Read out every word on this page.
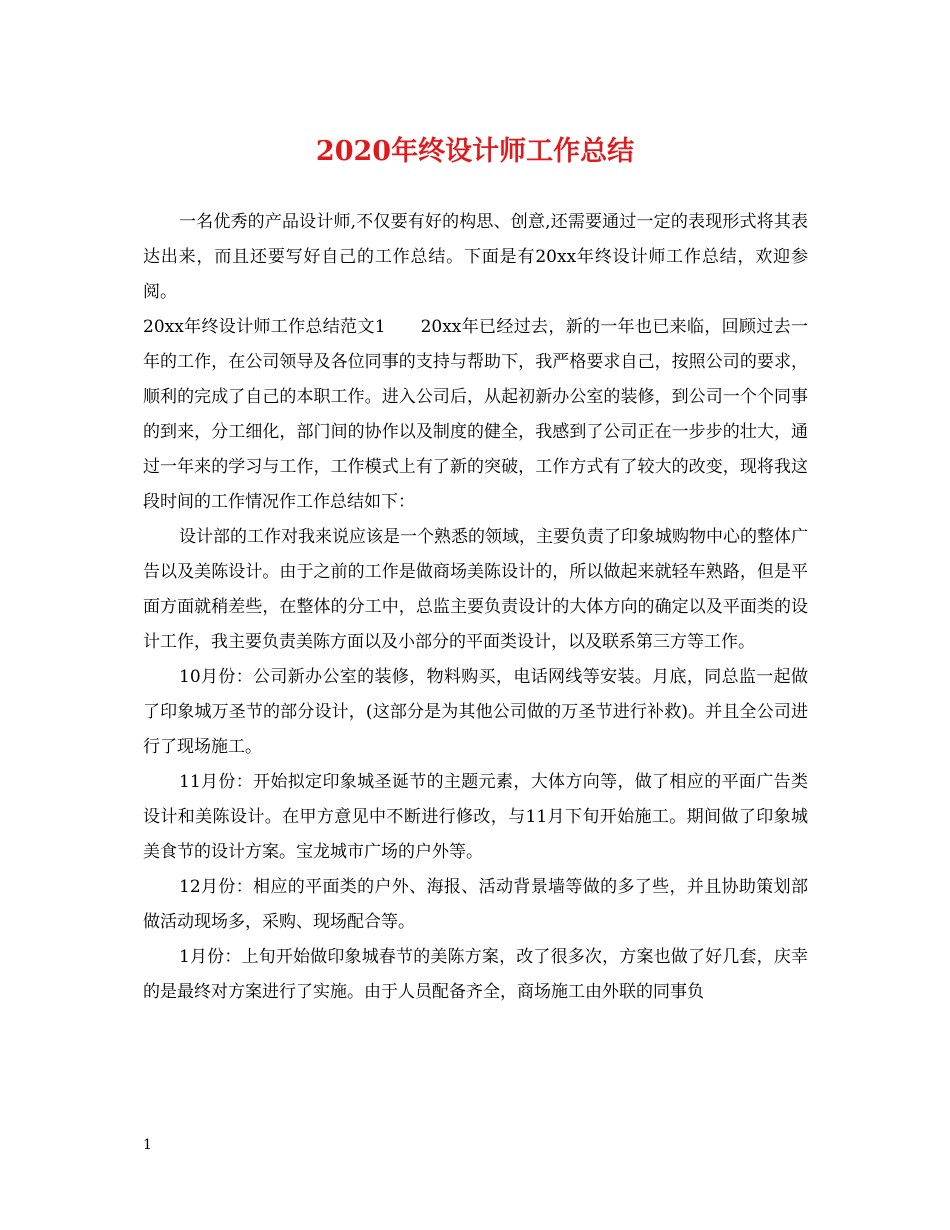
2020年终设计师工作总结

一名优秀的产品设计师,不仅要有好的构思、创意,还需要通过一定的表现形式将其表达出来，而且还要写好自己的工作总结。下面是有20xx年终设计师工作总结，欢迎参阅。

20xx年终设计师工作总结范文1　　20xx年已经过去，新的一年也已来临，回顾过去一年的工作，在公司领导及各位同事的支持与帮助下，我严格要求自己，按照公司的要求，顺利的完成了自己的本职工作。进入公司后，从起初新办公室的装修，到公司一个个同事的到来，分工细化，部门间的协作以及制度的健全，我感到了公司正在一步步的壮大，通过一年来的学习与工作，工作模式上有了新的突破，工作方式有了较大的改变，现将我这段时间的工作情况作工作总结如下：

设计部的工作对我来说应该是一个熟悉的领域，主要负责了印象城购物中心的整体广告以及美陈设计。由于之前的工作是做商场美陈设计的，所以做起来就轻车熟路，但是平面方面就稍差些，在整体的分工中，总监主要负责设计的大体方向的确定以及平面类的设计工作，我主要负责美陈方面以及小部分的平面类设计，以及联系第三方等工作。

10月份：公司新办公室的装修，物料购买，电话网线等安装。月底，同总监一起做了印象城万圣节的部分设计，(这部分是为其他公司做的万圣节进行补救)。并且全公司进行了现场施工。

11月份：开始拟定印象城圣诞节的主题元素，大体方向等，做了相应的平面广告类设计和美陈设计。在甲方意见中不断进行修改，与11月下旬开始施工。期间做了印象城美食节的设计方案。宝龙城市广场的户外等。

12月份：相应的平面类的户外、海报、活动背景墙等做的多了些，并且协助策划部做活动现场多，采购、现场配合等。

1月份：上旬开始做印象城春节的美陈方案，改了很多次，方案也做了好几套，庆幸的是最终对方案进行了实施。由于人员配备齐全，商场施工由外联的同事负

1
